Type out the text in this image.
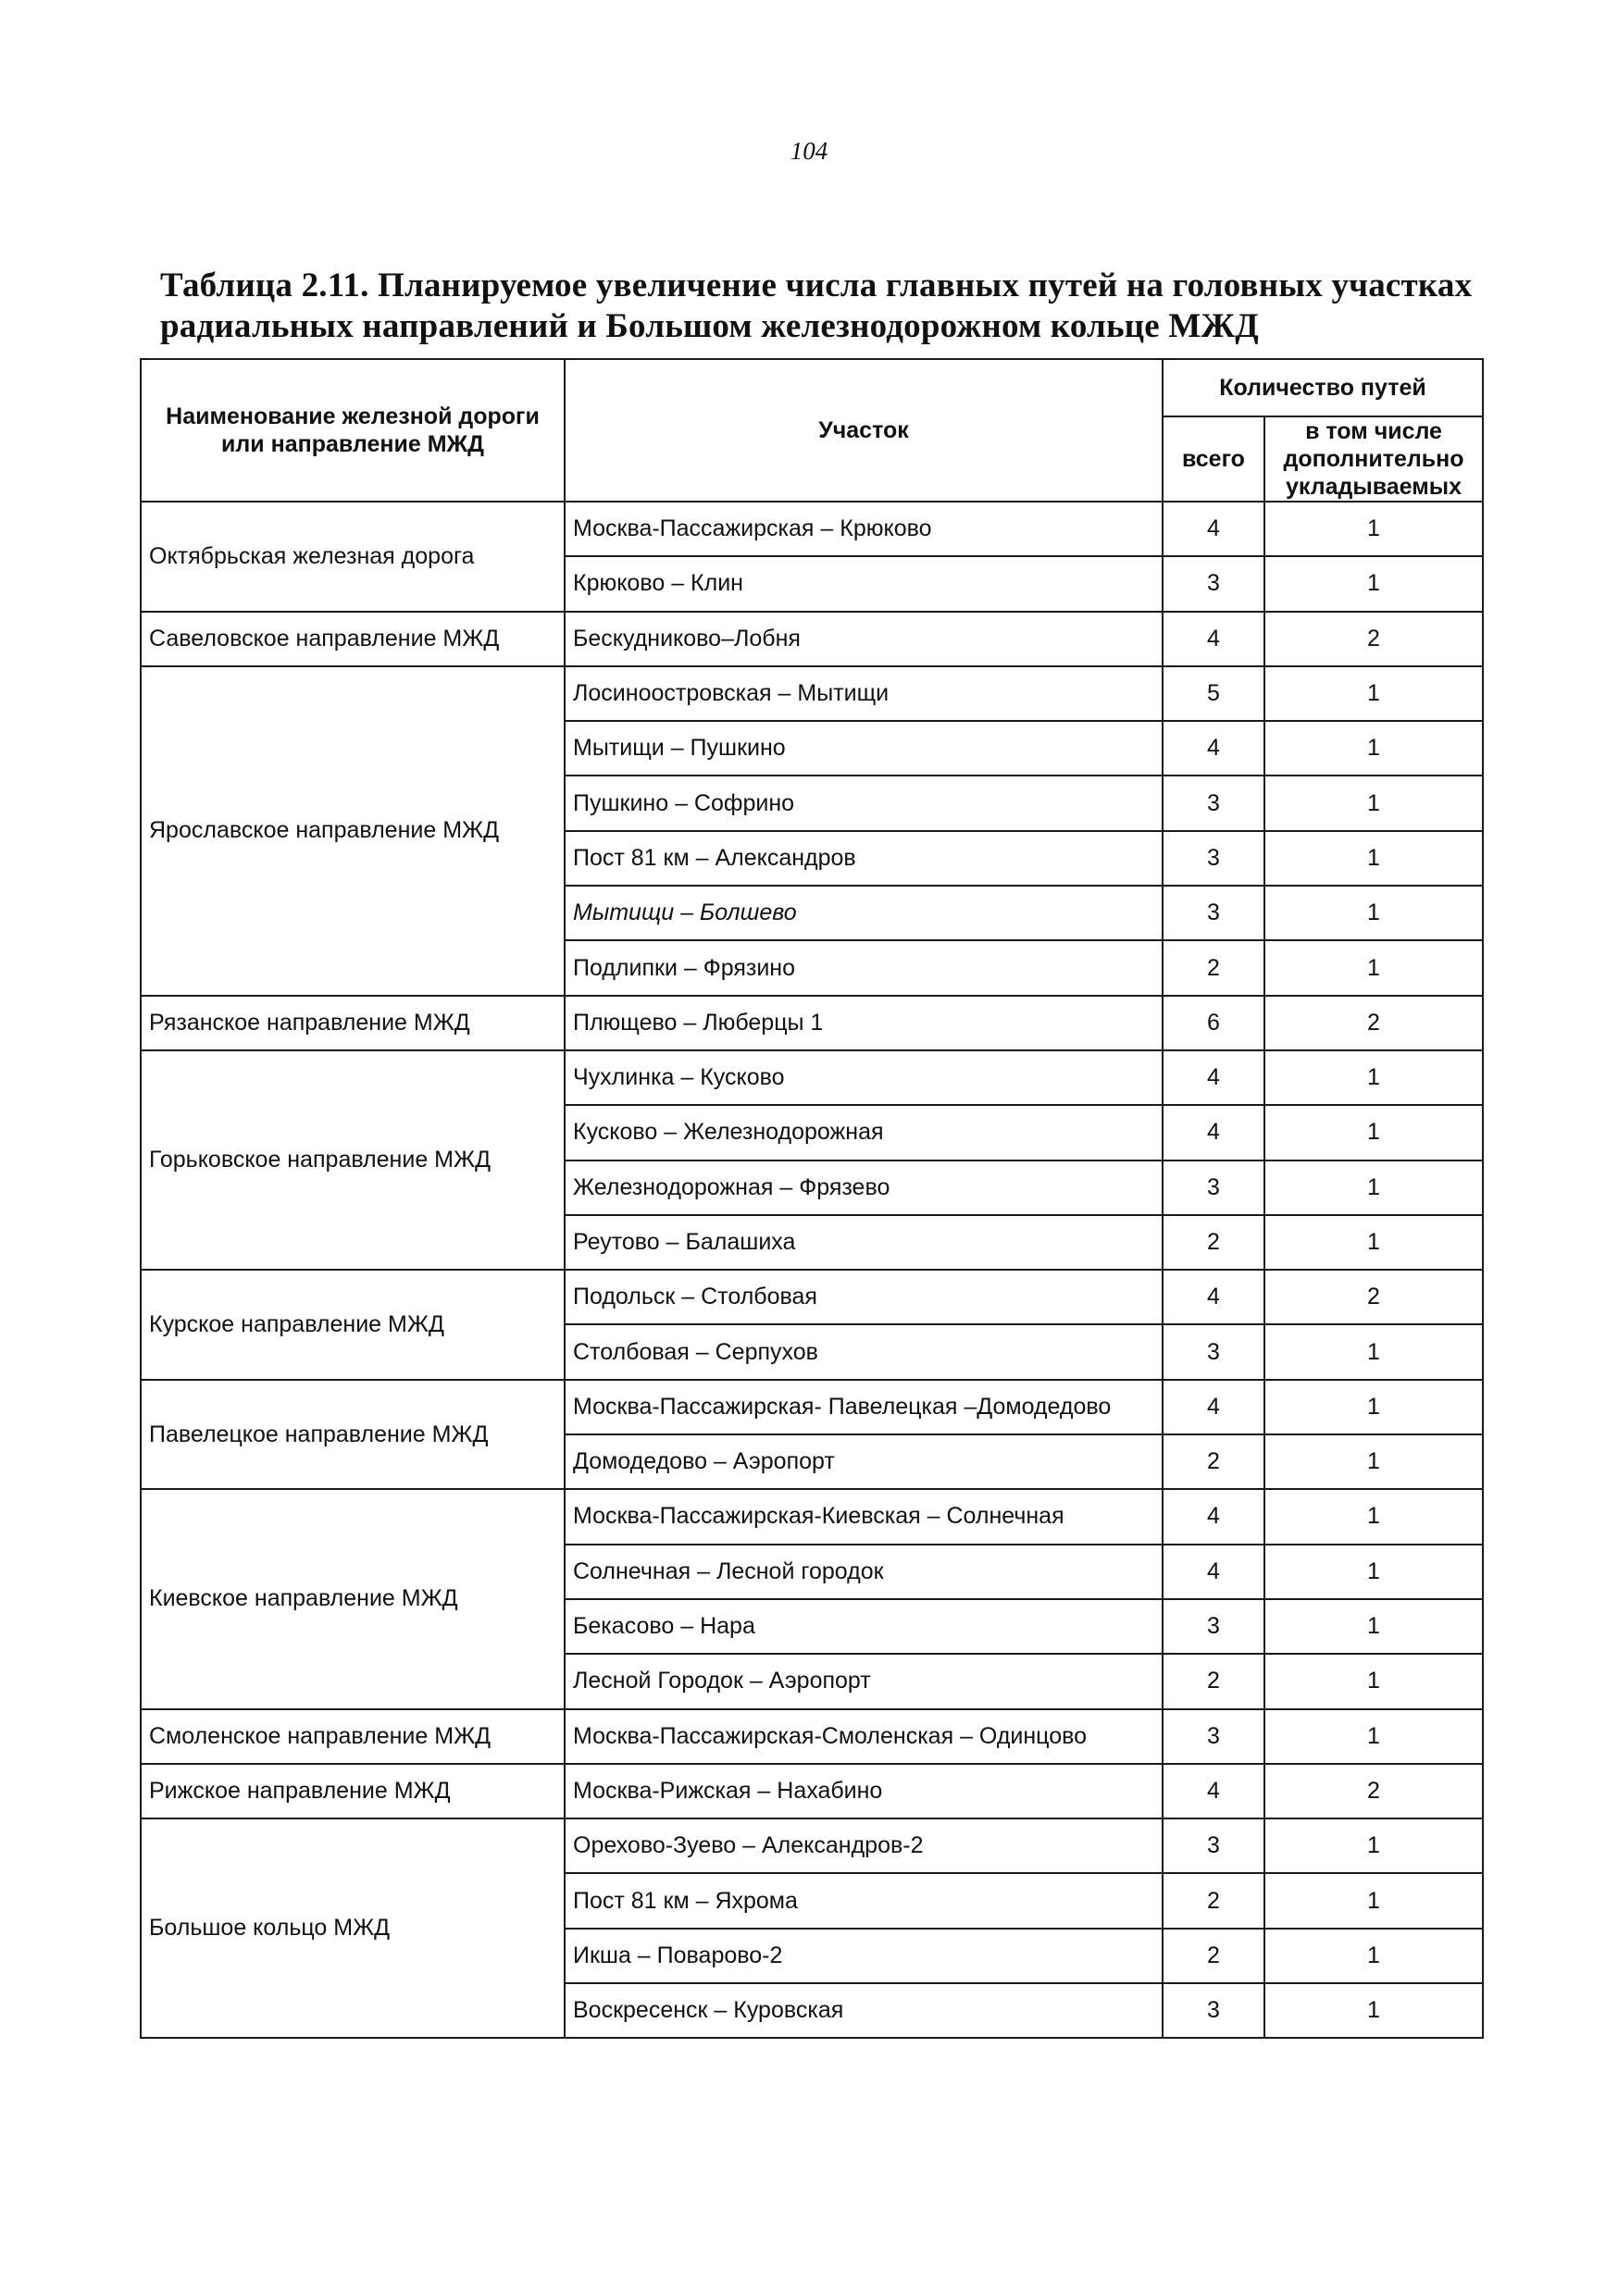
104
Таблица 2.11. Планируемое увеличение числа главных путей на головных участках радиальных направлений и Большом железнодорожном кольце МЖД
Наименование железной дороги или направление МЖД	Участок	Количество путей	
		всего	в том числе дополнительно укладываемых
Октябрьская железная дорога	Москва-Пассажирская – Крюково	4	1
	Крюково – Клин	3	1
Савеловское направление МЖД	Бескудниково–Лобня	4	2
Ярославское направление МЖД	Лосиноостровская – Мытищи	5	1
	Мытищи – Пушкино	4	1
	Пушкино – Софрино	3	1
	Пост 81 км – Александров	3	1
	Мытищи – Болшево	3	1
	Подлипки – Фрязино	2	1
Рязанское направление МЖД	Плющево – Люберцы 1	6	2
Горьковское направление МЖД	Чухлинка – Кусково	4	1
	Кусково – Железнодорожная	4	1
	Железнодорожная – Фрязево	3	1
	Реутово – Балашиха	2	1
Курское направление МЖД	Подольск – Столбовая	4	2
	Столбовая – Серпухов	3	1
Павелецкое направление МЖД	Москва-Пассажирская- Павелецкая –Домодедово	4	1
	Домодедово – Аэропорт	2	1
Киевское направление МЖД	Москва-Пассажирская-Киевская – Солнечная	4	1
	Солнечная – Лесной городок	4	1
	Бекасово – Нара	3	1
	Лесной Городок – Аэропорт	2	1
Смоленское направление МЖД	Москва-Пассажирская-Смоленская – Одинцово	3	1
Рижское направление МЖД	Москва-Рижская – Нахабино	4	2
Большое кольцо МЖД	Орехово-Зуево – Александров-2	3	1
	Пост 81 км – Яхрома	2	1
	Икша – Поварово-2	2	1
	Воскресенск – Куровская	3	1
